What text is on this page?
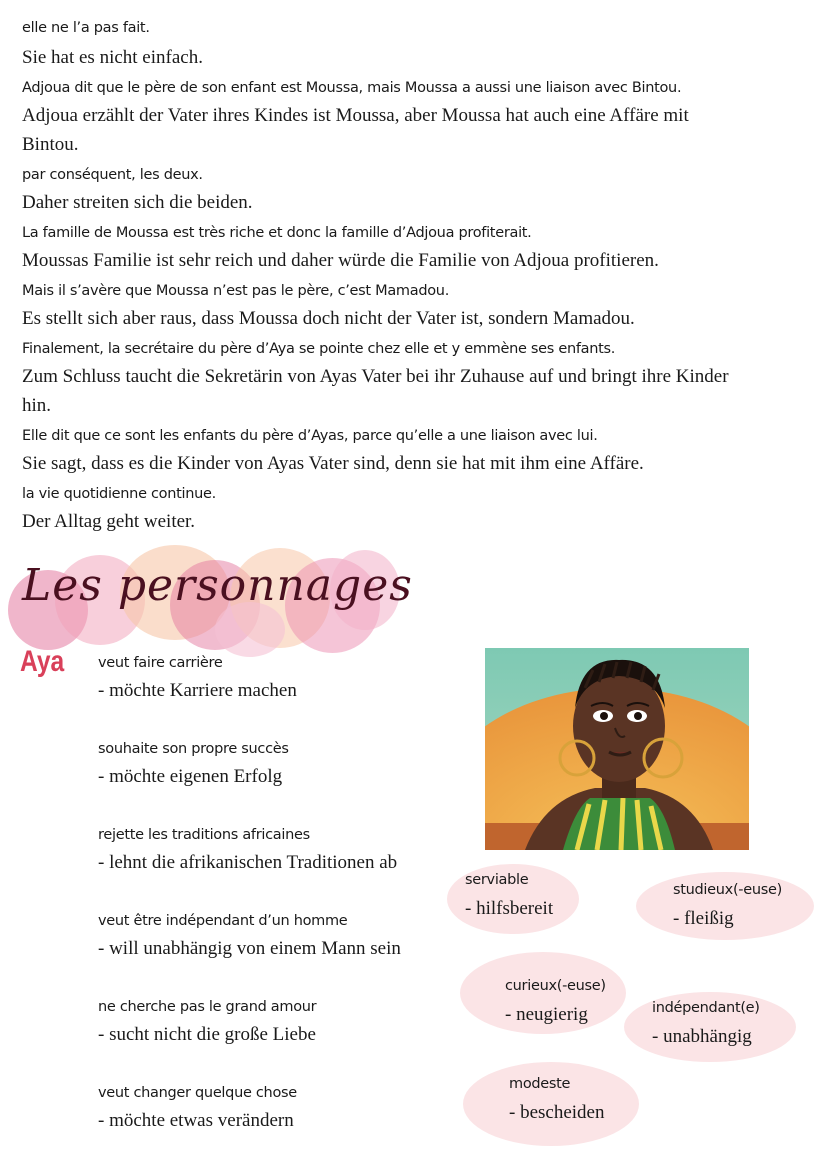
elle ne l’a pas fait.

Sie hat es nicht einfach.

Adjoua dit que le père de son enfant est Moussa, mais Moussa a aussi une liaison avec Bintou.

Adjoua erzählt der Vater ihres Kindes ist Moussa, aber Moussa hat auch eine Affäre mit

Bintou.

par conséquent, les deux.

Daher streiten sich die beiden.

La famille de Moussa est très riche et donc la famille d’Adjoua profiterait.

Moussas Familie ist sehr reich und daher würde die Familie von Adjoua profitieren.

Mais il s’avère que Moussa n’est pas le père, c’est Mamadou.

Es stellt sich aber raus, dass Moussa doch nicht der Vater ist, sondern Mamadou.

Finalement, la secrétaire du père d’Aya se pointe chez elle et y emmène ses enfants.

Zum Schluss taucht die Sekretärin von Ayas Vater bei ihr Zuhause auf und bringt ihre Kinder

hin.

Elle dit que ce sont les enfants du père d’Ayas, parce qu’elle a une liaison avec lui.

Sie sagt, dass es die Kinder von Ayas Vater sind, denn sie hat mit ihm eine Affäre.

la vie quotidienne continue.

Der Alltag geht weiter.

Les personnages
Aya veut faire carrière
- möchte Karriere machen
souhaite son propre succès
- möchte eigenen Erfolg
rejette les traditions africaines
- lehnt die afrikanischen Traditionen ab
veut être indépendant d’un homme
- will unabhängig von einem Mann sein
ne cherche pas le grand amour
- sucht nicht die große Liebe
veut changer quelque chose
- möchte etwas verändern
serviable
- hilfsbereit
studieux(-euse)
- fleißig
curieux(-euse)
- neugierig	indépendant(e)
- unabhängig
modeste
- bescheiden
